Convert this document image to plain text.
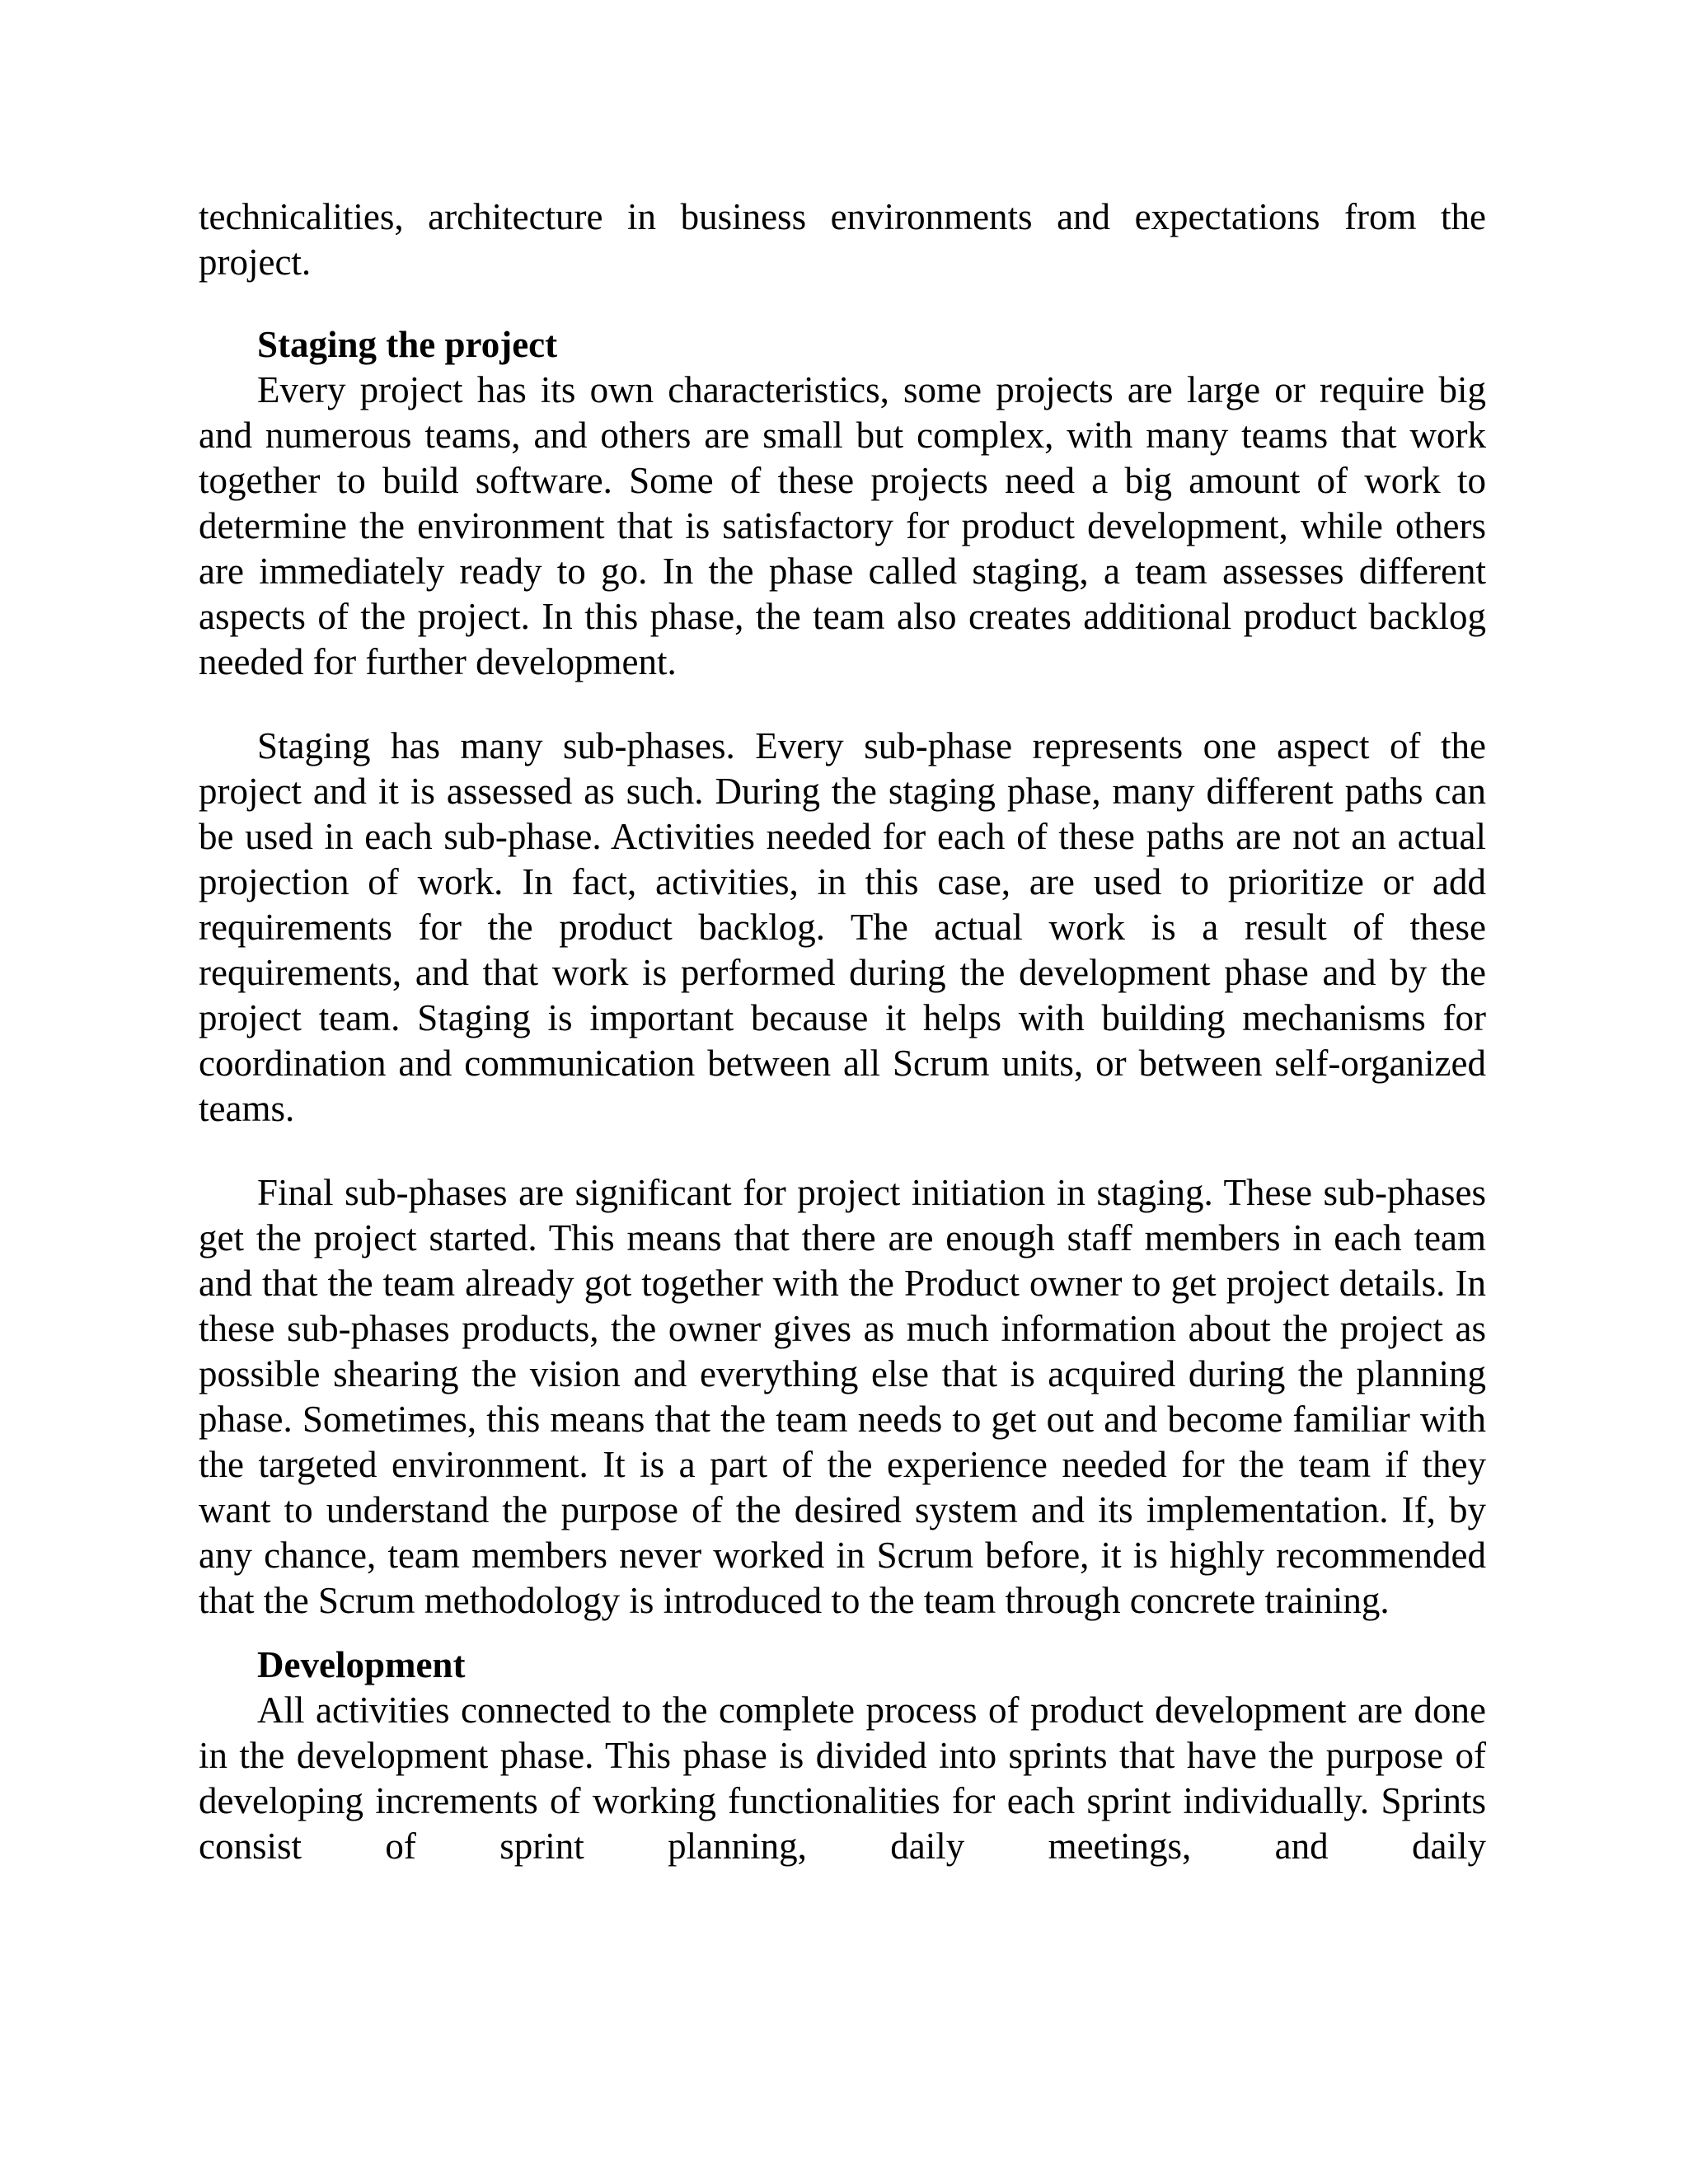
technicalities, architecture in business environments and expectations from the project.

Staging the project

Every project has its own characteristics, some projects are large or require big and numerous teams, and others are small but complex, with many teams that work together to build software. Some of these projects need a big amount of work to determine the environment that is satisfactory for product development, while others are immediately ready to go. In the phase called staging, a team assesses different aspects of the project. In this phase, the team also creates additional product backlog needed for further development.

Staging has many sub-phases. Every sub-phase represents one aspect of the project and it is assessed as such. During the staging phase, many different paths can be used in each sub-phase. Activities needed for each of these paths are not an actual projection of work. In fact, activities, in this case, are used to prioritize or add requirements for the product backlog. The actual work is a result of these requirements, and that work is performed during the development phase and by the project team. Staging is important because it helps with building mechanisms for coordination and communication between all Scrum units, or between self-organized teams.

Final sub-phases are significant for project initiation in staging. These sub-phases get the project started. This means that there are enough staff members in each team and that the team already got together with the Product owner to get project details. In these sub-phases products, the owner gives as much information about the project as possible shearing the vision and everything else that is acquired during the planning phase. Sometimes, this means that the team needs to get out and become familiar with the targeted environment. It is a part of the experience needed for the team if they want to understand the purpose of the desired system and its implementation. If, by any chance, team members never worked in Scrum before, it is highly recommended that the Scrum methodology is introduced to the team through concrete training.

Development

All activities connected to the complete process of product development are done in the development phase. This phase is divided into sprints that have the purpose of developing increments of working functionalities for each sprint individually. Sprints consist of sprint planning, daily meetings, and daily
